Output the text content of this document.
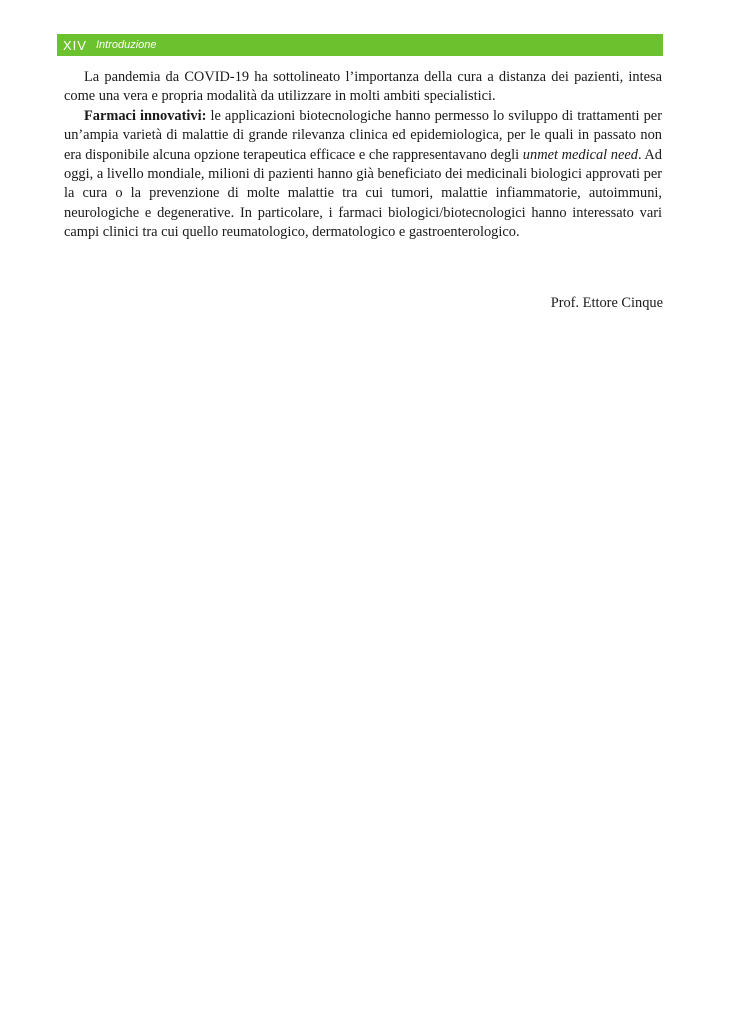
XIV Introduzione

La pandemia da COVID-19 ha sottolineato l’importanza della cura a distanza dei pazienti, intesa come una vera e propria modalità da utilizzare in molti ambiti specialistici.

Farmaci innovativi: le applicazioni biotecnologiche hanno permesso lo sviluppo di trattamenti per un’ampia varietà di malattie di grande rilevanza clinica ed epidemiologica, per le quali in passato non era disponibile alcuna opzione terapeutica efficace e che rappresentavano degli unmet medical need. Ad oggi, a livello mondiale, milioni di pazienti hanno già beneficiato dei medicinali biologici approvati per la cura o la prevenzione di molte malattie tra cui tumori, malattie infiammatorie, autoimmuni, neurologiche e degenerative. In particolare, i farmaci biologici/biotecnologici hanno interessato vari campi clinici tra cui quello reumatologico, dermatologico e gastroenterologico.

Prof. Ettore Cinque
